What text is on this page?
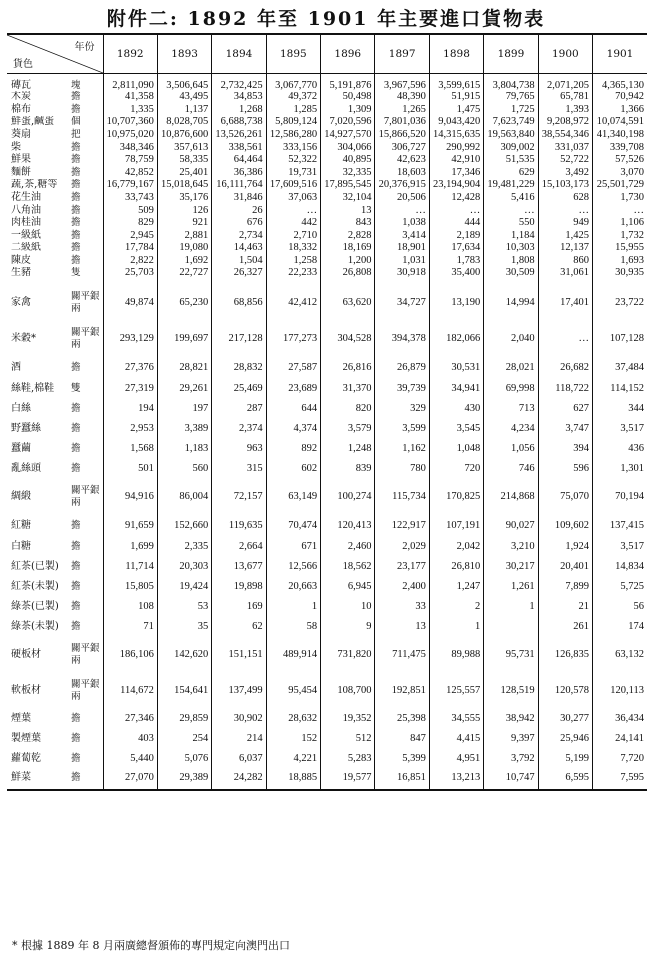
附件二: 1892 年至 1901 年主要進口貨物表
年份
貨色		1892	1893	1894	1895	1896	1897	1898	1899	1900	1901
磚瓦	塊	2,811,090	3,506,645	2,732,425	3,067,770	5,191,876	3,967,596	3,599,615	3,804,738	2,071,205	4,365,130
木炭	擔	41,358	43,495	34,853	49,372	50,498	48,390	51,915	79,765	65,781	70,942
棉布	擔	1,335	1,137	1,268	1,285	1,309	1,265	1,475	1,725	1,393	1,366
鮮蛋,鹹蛋	個	10,707,360	8,028,705	6,688,738	5,809,124	7,020,596	7,801,036	9,043,420	7,623,749	9,208,972	10,074,591
葵扇	把	10,975,020	10,876,600	13,526,261	12,586,280	14,927,570	15,866,520	14,315,635	19,563,840	38,554,346	41,340,198
柴	擔	348,346	357,613	338,561	333,156	304,066	306,727	290,992	309,002	331,037	339,708
鮮果	擔	78,759	58,335	64,464	52,322	40,895	42,623	42,910	51,535	52,722	57,526
麵餅	擔	42,852	25,401	36,386	19,731	32,335	18,603	17,346	629	3,492	3,070
蔬,茶,糖等	擔	16,779,167	15,018,645	16,111,764	17,609,516	17,895,545	20,376,915	23,194,904	19,481,229	15,103,173	25,501,729
花生油	擔	33,743	35,176	31,846	37,063	32,104	20,506	12,428	5,416	628	1,730
八角油	擔	509	126	26	…	13	…	…	…	…	…
肉桂油	擔	829	921	676	442	843	1,038	444	550	949	1,106
一級紙	擔	2,945	2,881	2,734	2,710	2,828	3,414	2,189	1,184	1,425	1,732
二級紙	擔	17,784	19,080	14,463	18,332	18,169	18,901	17,634	10,303	12,137	15,955
陳皮	擔	2,822	1,692	1,504	1,258	1,200	1,031	1,783	1,808	860	1,693
生豬	隻	25,703	22,727	26,327	22,233	26,808	30,918	35,400	30,509	31,061	30,935
家禽	關平銀兩	49,874	65,230	68,856	42,412	63,620	34,727	13,190	14,994	17,401	23,722
米穀*	關平銀兩	293,129	199,697	217,128	177,273	304,528	394,378	182,066	2,040	…	107,128
酒	擔	27,376	28,821	28,832	27,587	26,816	26,879	30,531	28,021	26,682	37,484
絲鞋,棉鞋	雙	27,319	29,261	25,469	23,689	31,370	39,739	34,941	69,998	118,722	114,152
白絲	擔	194	197	287	644	820	329	430	713	627	344
野蠶絲	擔	2,953	3,389	2,374	4,374	3,579	3,599	3,545	4,234	3,747	3,517
蠶繭	擔	1,568	1,183	963	892	1,248	1,162	1,048	1,056	394	436
亂絲頭	擔	501	560	315	602	839	780	720	746	596	1,301
綢緞	關平銀兩	94,916	86,004	72,157	63,149	100,274	115,734	170,825	214,868	75,070	70,194
紅糖	擔	91,659	152,660	119,635	70,474	120,413	122,917	107,191	90,027	109,602	137,415
白糖	擔	1,699	2,335	2,664	671	2,460	2,029	2,042	3,210	1,924	3,517
紅茶(已製)	擔	11,714	20,303	13,677	12,566	18,562	23,177	26,810	30,217	20,401	14,834
紅茶(未製)	擔	15,805	19,424	19,898	20,663	6,945	2,400	1,247	1,261	7,899	5,725
綠茶(已製)	擔	108	53	169	1	10	33	2	1	21	56
綠茶(未製)	擔	71	35	62	58	9	13	1		261	174
硬板材	關平銀兩	186,106	142,620	151,151	489,914	731,820	711,475	89,988	95,731	126,835	63,132
軟板材	關平銀兩	114,672	154,641	137,499	95,454	108,700	192,851	125,557	128,519	120,578	120,113
煙葉	擔	27,346	29,859	30,902	28,632	19,352	25,398	34,555	38,942	30,277	36,434
製煙葉	擔	403	254	214	152	512	847	4,415	9,397	25,946	24,141
蘿蔔乾	擔	5,440	5,076	6,037	4,221	5,283	5,399	4,951	3,792	5,199	7,720
鮮菜	擔	27,070	29,389	24,282	18,885	19,577	16,851	13,213	10,747	6,595	7,595
* 根據 1889 年 8 月兩廣總督頒佈的專門規定向澳門出口
